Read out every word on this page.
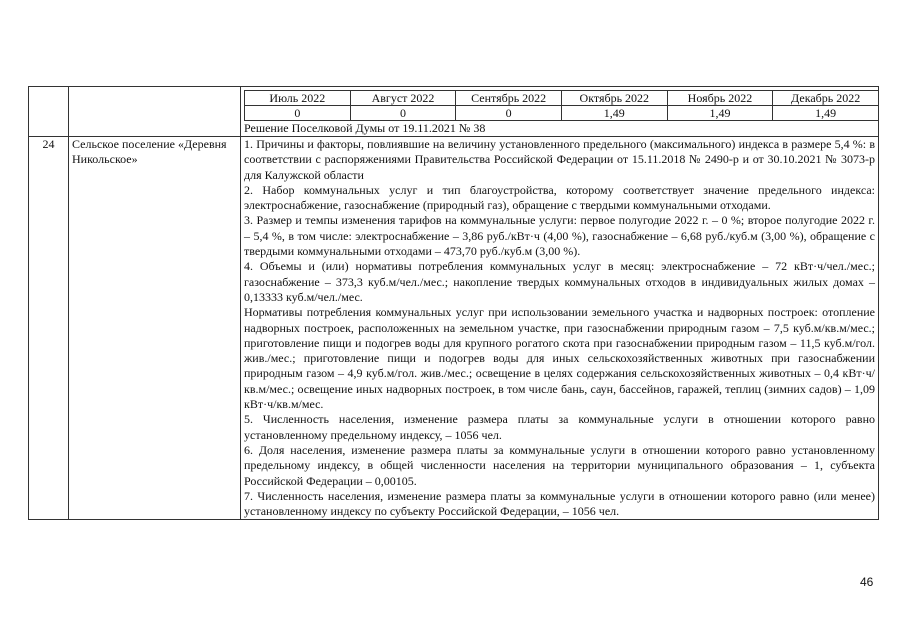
Июль 2022	Август 2022	Сентябрь 2022	Октябрь 2022	Ноябрь 2022	Декабрь 2022
0	0	0	1,49	1,49	1,49
Решение Поселковой Думы от 19.11.2021 № 38

24	Сельское поселение «Деревня Никольское»	
1. Причины и факторы, повлиявшие на величину установленного предельного (максимального) индекса в размере 5,4 %: в соответствии с распоряжениями Правительства Российской Федерации от 15.11.2018 № 2490-р и от 30.10.2021 № 3073-р для Калужской области
2. Набор коммунальных услуг и тип благоустройства, которому соответствует значение предельного индекса: электроснабжение, газоснабжение (природный газ), обращение с твердыми коммунальными отходами.
3. Размер и темпы изменения тарифов на коммунальные услуги: первое полугодие 2022 г. – 0 %; второе полугодие 2022 г. – 5,4 %, в том числе: электроснабжение – 3,86 руб./кВт·ч (4,00 %), газоснабжение – 6,68 руб./куб.м (3,00 %), обращение с твердыми коммунальными отходами – 473,70 руб./куб.м (3,00 %).
4. Объемы и (или) нормативы потребления коммунальных услуг в месяц: электроснабжение – 72 кВт·ч/чел./мес.; газоснабжение – 373,3 куб.м/чел./мес.; накопление твердых коммунальных отходов в индивидуальных жилых домах – 0,13333 куб.м/чел./мес.
Нормативы потребления коммунальных услуг при использовании земельного участка и надворных построек: отопление надворных построек, расположенных на земельном участке, при газоснабжении природным газом – 7,5 куб.м/кв.м/мес.; приготовление пищи и подогрев воды для крупного рогатого скота при газоснабжении природным газом – 11,5 куб.м/гол. жив./мес.; приготовление пищи и подогрев воды для иных сельскохозяйственных животных при газоснабжении природным газом – 4,9 куб.м/гол. жив./мес.; освещение в целях содержания сельскохозяйственных животных – 0,4 кВт·ч/кв.м/мес.; освещение иных надворных построек, в том числе бань, саун, бассейнов, гаражей, теплиц (зимних садов) – 1,09 кВт·ч/кв.м/мес.
5. Численность населения, изменение размера платы за коммунальные услуги в отношении которого равно установленному предельному индексу, – 1056 чел.
6. Доля населения, изменение размера платы за коммунальные услуги в отношении которого равно установленному предельному индексу, в общей численности населения на территории муниципального образования – 1, субъекта Российской Федерации – 0,00105.
7. Численность населения, изменение размера платы за коммунальные услуги в отношении которого равно (или менее) установленному индексу по субъекту Российской Федерации, – 1056 чел.
46
